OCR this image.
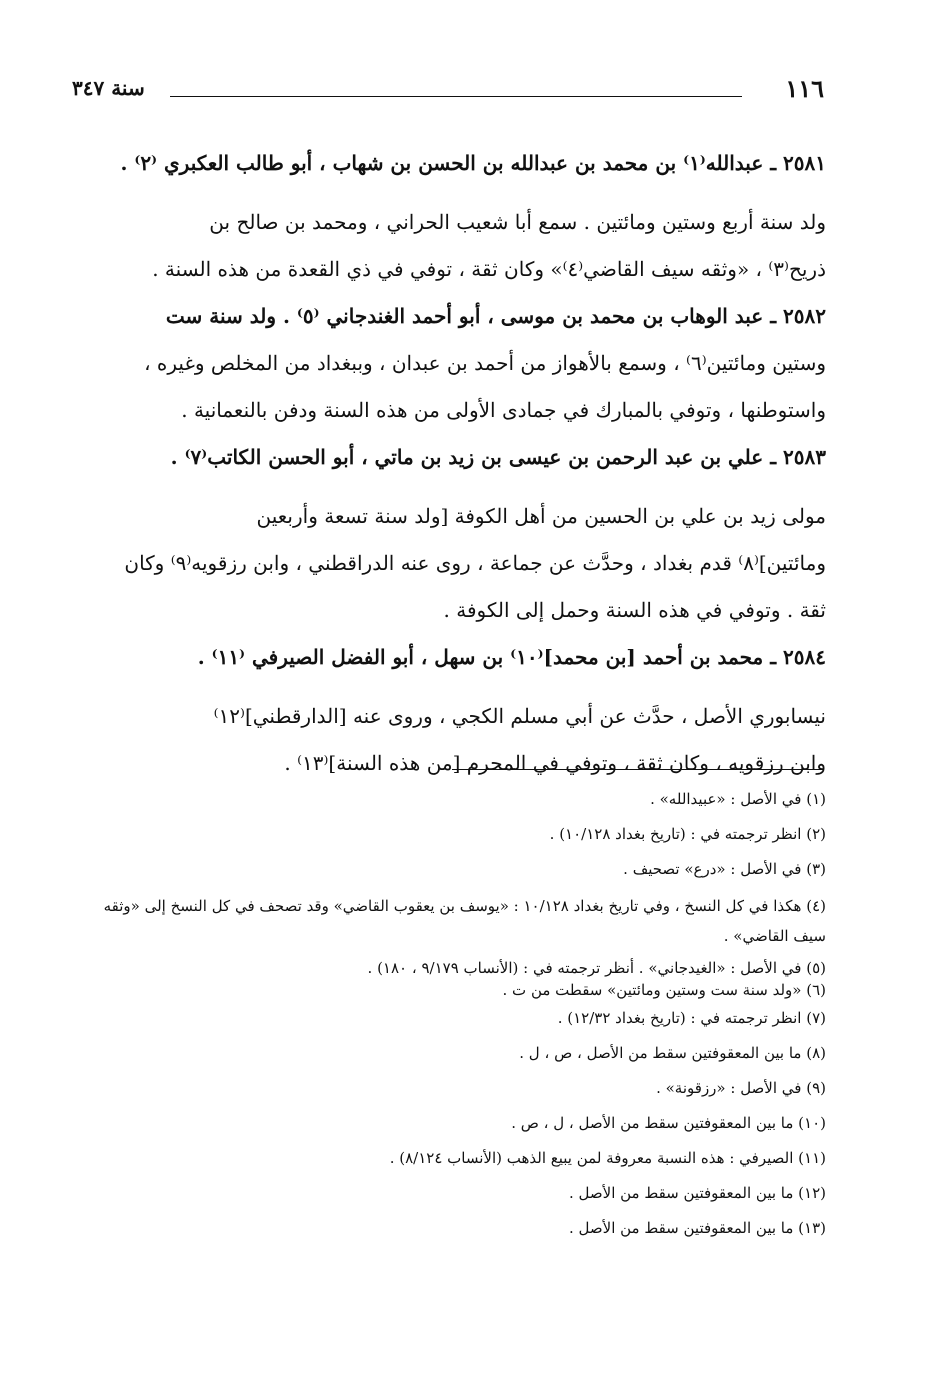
١١٦
سنة ٣٤٧
٢٥٨١ ـ عبدالله⁽١⁾ بن محمد بن عبدالله بن الحسن بن شهاب ، أبو طالب العكبري ⁽٢⁾ .
ولد سنة أربع وستين ومائتين . سمع أبا شعيب الحراني ، ومحمد بن صالح بن
ذريح⁽٣⁾ ، «وثقه سيف القاضي⁽٤⁾» وكان ثقة ، توفي في ذي القعدة من هذه السنة .
٢٥٨٢ ـ عبد الوهاب بن محمد بن موسى ، أبو أحمد الغندجاني ⁽٥⁾ . ولد سنة ست
وستين ومائتين⁽٦⁾ ، وسمع بالأهواز من أحمد بن عبدان ، وببغداد من المخلص وغيره ،
واستوطنها ، وتوفي بالمبارك في جمادى الأولى من هذه السنة ودفن بالنعمانية .
٢٥٨٣ ـ علي بن عبد الرحمن بن عيسى بن زيد بن ماتي ، أبو الحسن الكاتب⁽٧⁾ .
مولى زيد بن علي بن الحسين من أهل الكوفة [ولد سنة تسعة وأربعين
ومائتين]⁽٨⁾ قدم بغداد ، وحدَّث عن جماعة ، روى عنه الدراقطني ، وابن رزقويه⁽٩⁾ وكان
ثقة . وتوفي في هذه السنة وحمل إلى الكوفة .
٢٥٨٤ ـ محمد بن أحمد [بن محمد]⁽١٠⁾ بن سهل ، أبو الفضل الصيرفي ⁽١١⁾ .
نيسابوري الأصل ، حدَّث عن أبي مسلم الكجي ، وروى عنه [الدارقطني]⁽١٢⁾
وابن رزقويه ، وكان ثقة ، وتوفي في المحرم [من هذه السنة]⁽١٣⁾ .
(١) في الأصل : «عبيدالله» .
(٢) انظر ترجمته في : (تاريخ بغداد ١٠/١٢٨) .
(٣) في الأصل : «درع» تصحيف .
(٤) هكذا في كل النسخ ، وفي تاريخ بغداد ١٠/١٢٨ : «يوسف بن يعقوب القاضي» وقد تصحف في كل النسخ إلى «وثقه سيف القاضي» .
(٥) في الأصل : «الغيدجاني» . أنظر ترجمته في : (الأنساب ٩/١٧٩ ، ١٨٠) .
(٦) «ولد سنة ست وستين ومائتين» سقطت من ت .
(٧) انظر ترجمته في : (تاريخ بغداد ١٢/٣٢) .
(٨) ما بين المعقوفتين سقط من الأصل ، ص ، ل .
(٩) في الأصل : «رزقونة» .
(١٠) ما بين المعقوفتين سقط من الأصل ، ل ، ص .
(١١) الصيرفي : هذه النسبة معروفة لمن يبيع الذهب (الأنساب ٨/١٢٤) .
(١٢) ما بين المعقوفتين سقط من الأصل .
(١٣) ما بين المعقوفتين سقط من الأصل .
